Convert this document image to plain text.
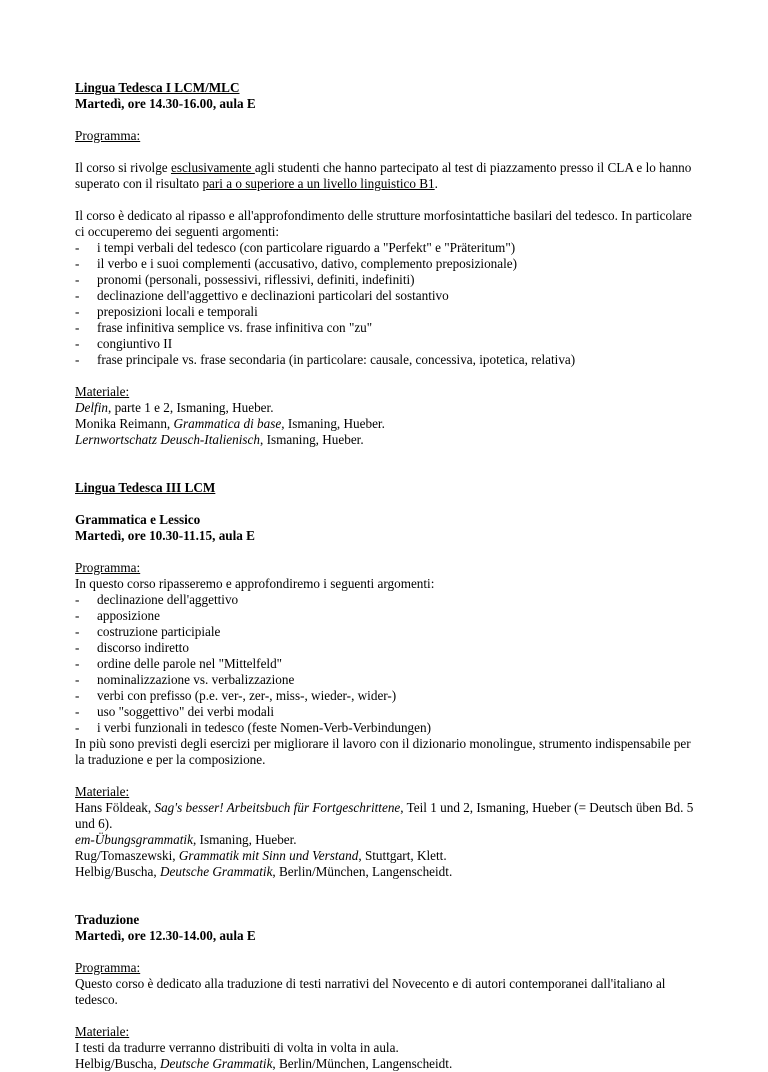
Lingua Tedesca I LCM/MLC

Martedì, ore 14.30-16.00, aula E

Programma:

Il corso si rivolge esclusivamente agli studenti che hanno partecipato al test di piazzamento presso il CLA e lo hanno superato con il risultato pari a o superiore a un livello linguistico B1.

Il corso è dedicato al ripasso e all'approfondimento delle strutture morfosintattiche basilari del tedesco. In particolare ci occuperemo dei seguenti argomenti:

- i tempi verbali del tedesco (con particolare riguardo a "Perfekt" e "Präteritum")
- il verbo e i suoi complementi (accusativo, dativo, complemento preposizionale)
- pronomi (personali, possessivi, riflessivi, definiti, indefiniti)
- declinazione dell'aggettivo e declinazioni particolari del sostantivo
- preposizioni locali e temporali
- frase infinitiva semplice vs. frase infinitiva con "zu"
- congiuntivo II
- frase principale vs. frase secondaria (in particolare: causale, concessiva, ipotetica, relativa)

Materiale:

Delfin, parte 1 e 2, Ismaning, Hueber.

Monika Reimann, Grammatica di base, Ismaning, Hueber.

Lernwortschatz Deusch-Italienisch, Ismaning, Hueber.

Lingua Tedesca III LCM

Grammatica e Lessico

Martedì, ore 10.30-11.15, aula E

Programma:

In questo corso ripasseremo e approfondiremo i seguenti argomenti:

- declinazione dell'aggettivo
- apposizione
- costruzione participiale
- discorso indiretto
- ordine delle parole nel "Mittelfeld"
- nominalizzazione vs. verbalizzazione
- verbi con prefisso (p.e. ver-, zer-, miss-, wieder-, wider-)
- uso "soggettivo" dei verbi modali
- i verbi funzionali in tedesco (feste Nomen-Verb-Verbindungen)

In più sono previsti degli esercizi per migliorare il lavoro con il dizionario monolingue, strumento indispensabile per la traduzione e per la composizione.

Materiale:

Hans Földeak, Sag's besser! Arbeitsbuch für Fortgeschrittene, Teil 1 und 2, Ismaning, Hueber (= Deutsch üben Bd. 5 und 6).

em-Übungsgrammatik, Ismaning, Hueber.

Rug/Tomaszewski, Grammatik mit Sinn und Verstand, Stuttgart, Klett.

Helbig/Buscha, Deutsche Grammatik, Berlin/München, Langenscheidt.

Traduzione

Martedì, ore 12.30-14.00, aula E

Programma:

Questo corso è dedicato alla traduzione di testi narrativi del Novecento e di autori contemporanei dall'italiano al tedesco.

Materiale:

I testi da tradurre verranno distribuiti di volta in volta in aula.

Helbig/Buscha, Deutsche Grammatik, Berlin/München, Langenscheidt.
